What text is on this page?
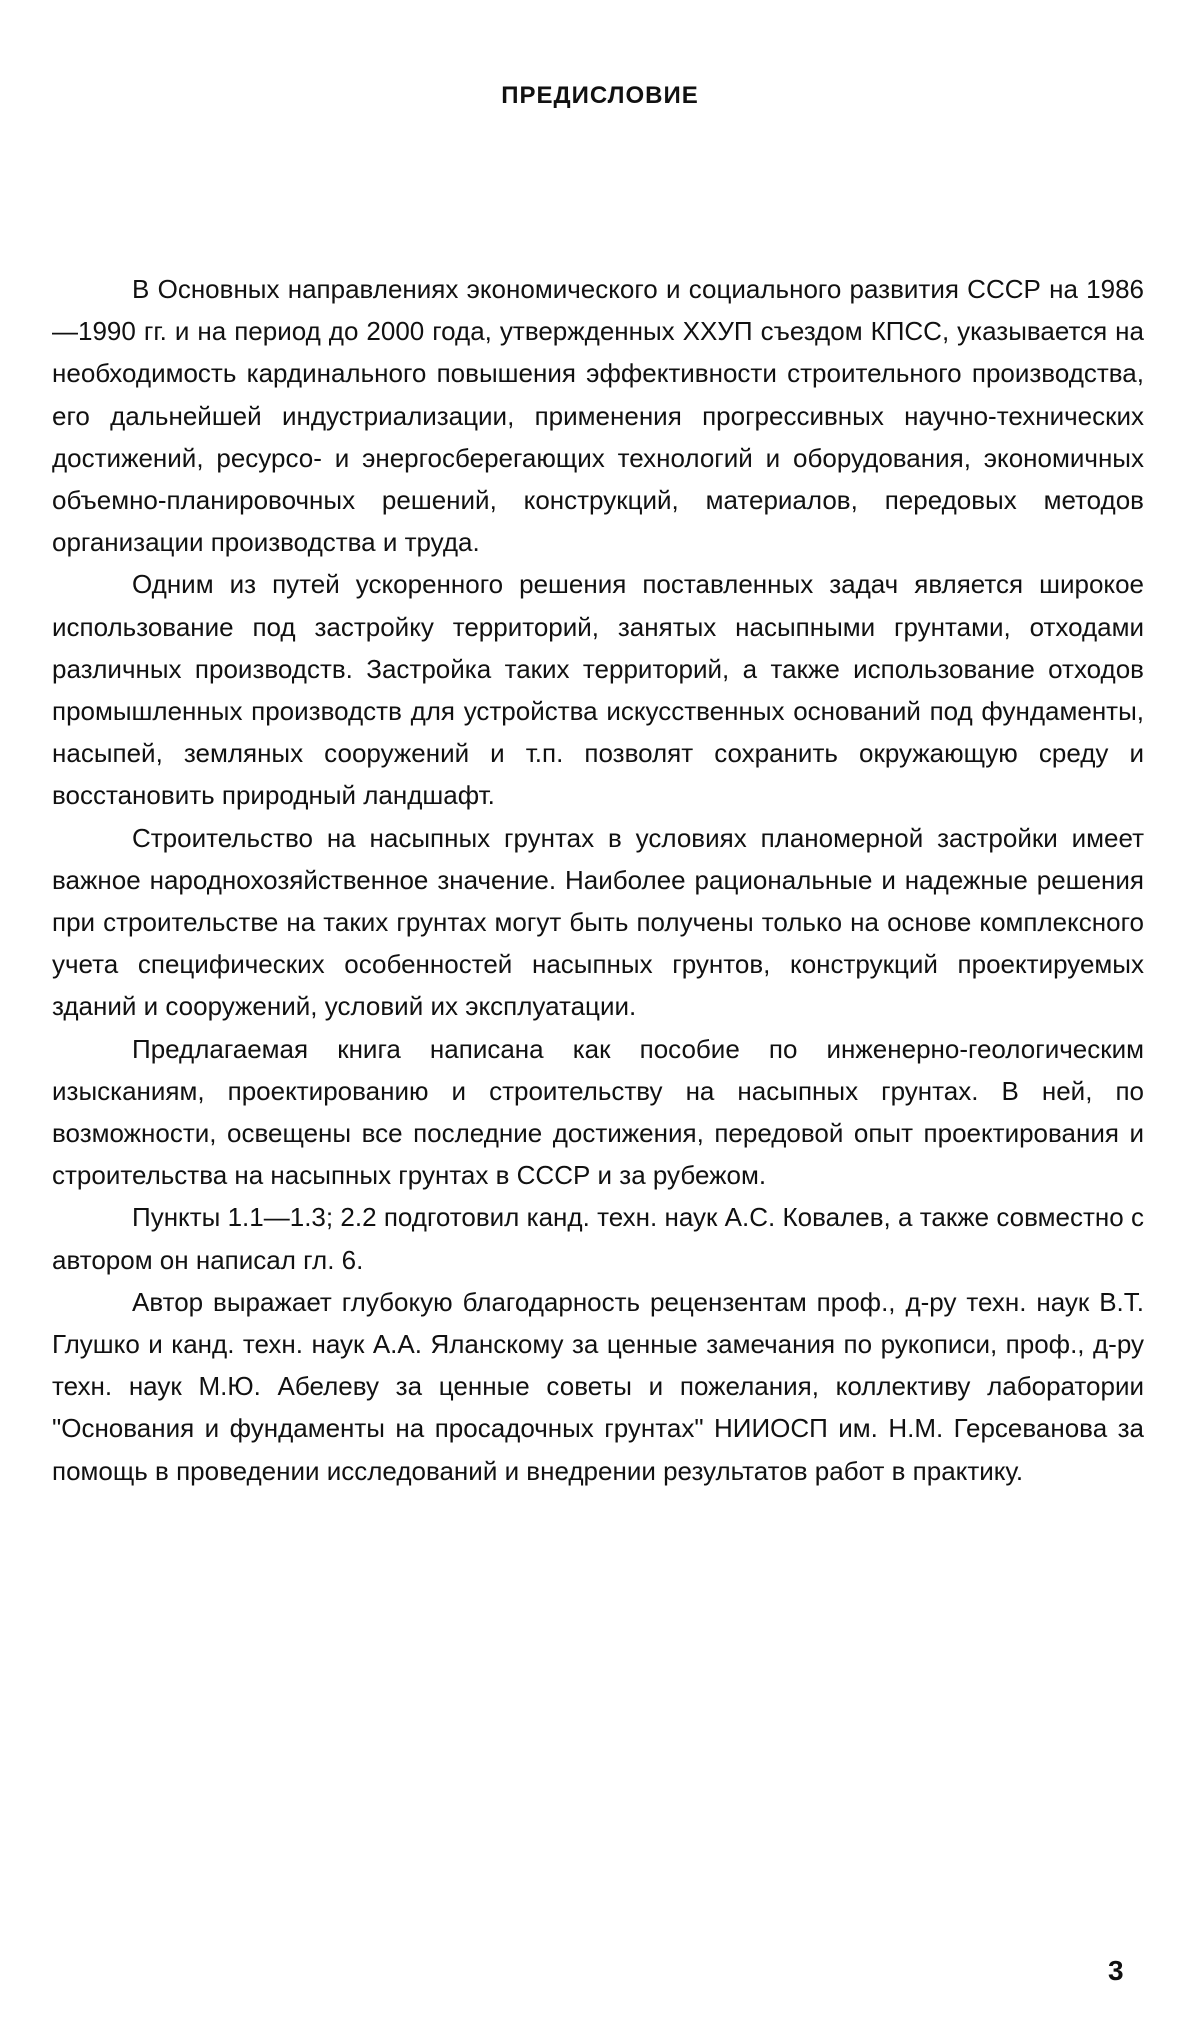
ПРЕДИСЛОВИЕ

В Основных направлениях экономического и социального развития СССР на 1986—1990 гг. и на период до 2000 года, утвержденных ХХУП съездом КПСС, указывается на необходимость кардинального повышения эффективности строительного производства, его дальнейшей индустриализации, применения прогрессивных научно-технических достижений, ресурсо- и энергосберегающих технологий и оборудования, экономичных объемно-планировочных решений, конструкций, материалов, передовых методов организации производства и труда.

Одним из путей ускоренного решения поставленных задач является широкое использование под застройку территорий, занятых насыпными грунтами, отходами различных производств. Застройка таких территорий, а также использование отходов промышленных производств для устройства искусственных оснований под фундаменты, насыпей, земляных сооружений и т.п. позволят сохранить окружающую среду и восстановить природный ландшафт.

Строительство на насыпных грунтах в условиях планомерной застройки имеет важное народнохозяйственное значение. Наиболее рациональные и надежные решения при строительстве на таких грунтах могут быть получены только на основе комплексного учета специфических особенностей насыпных грунтов, конструкций проектируемых зданий и сооружений, условий их эксплуатации.

Предлагаемая книга написана как пособие по инженерно-геологическим изысканиям, проектированию и строительству на насыпных грунтах. В ней, по возможности, освещены все последние достижения, передовой опыт проектирования и строительства на насыпных грунтах в СССР и за рубежом.

Пункты 1.1—1.3; 2.2 подготовил канд. техн. наук А.С. Ковалев, а также совместно с автором он написал гл. 6.

Автор выражает глубокую благодарность рецензентам проф., д-ру техн. наук В.Т. Глушко и канд. техн. наук А.А. Яланскому за ценные замечания по рукописи, проф., д-ру техн. наук М.Ю. Абелеву за ценные советы и пожелания, коллективу лаборатории "Основания и фундаменты на просадочных грунтах" НИИОСП им. Н.М. Герсеванова за помощь в проведении исследований и внедрении результатов работ в практику.

3
